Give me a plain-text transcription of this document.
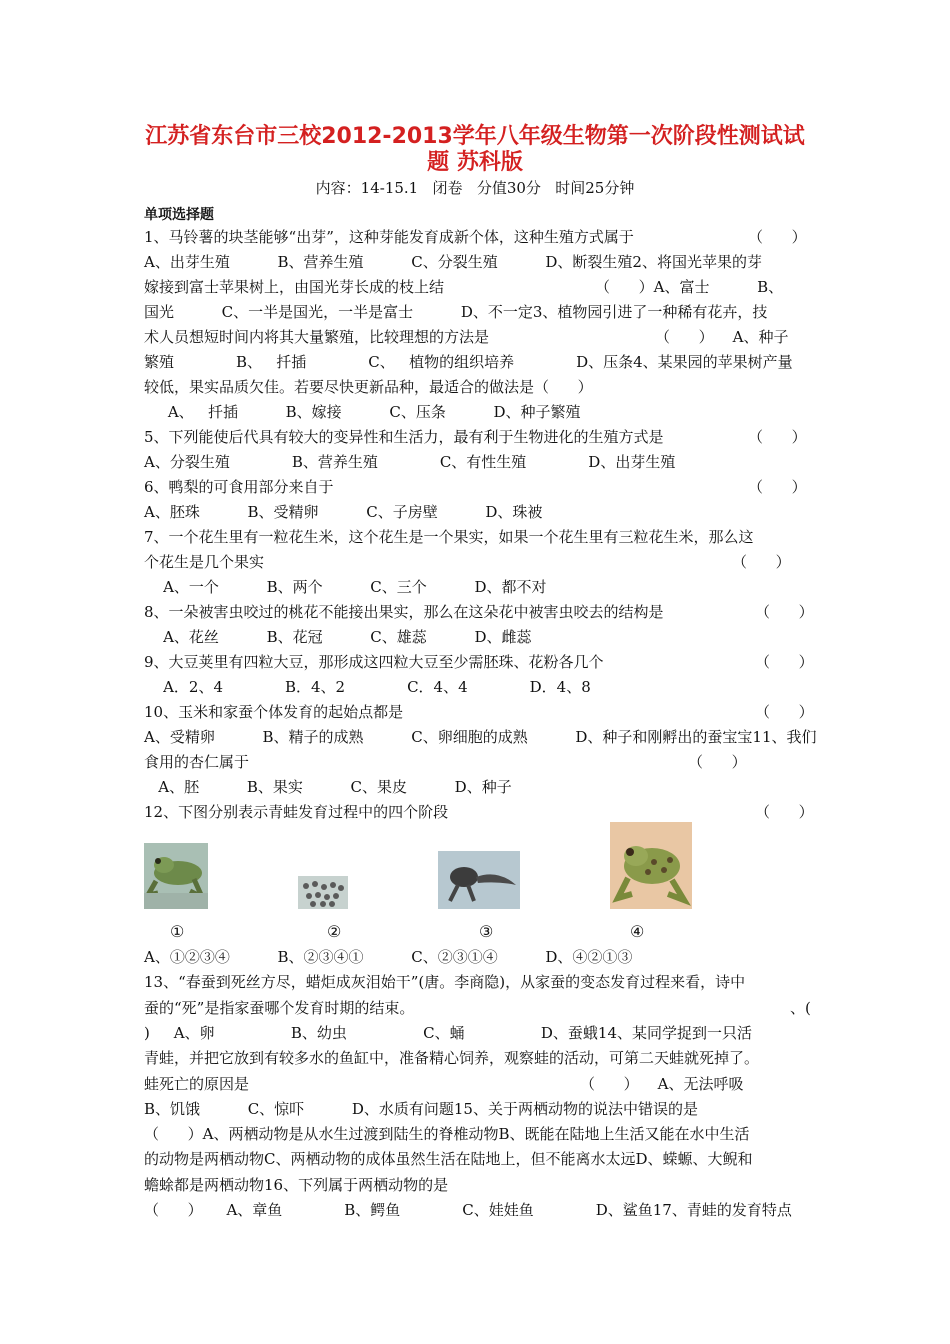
江苏省东台市三校2012-2013学年八年级生物第一次阶段性测试试
题 苏科版
内容：14-15.1   闭卷   分值30分   时间25分钟
单项选择题
1、马铃薯的块茎能够“出芽”，这种芽能发育成新个体，这种生殖方式属于	（      ）
A、出芽生殖          B、营养生殖          C、分裂生殖          D、断裂生殖2、将国光苹果的芽
嫁接到富士苹果树上，由国光芽长成的枝上结	（      ）A、富士          B、
国光          C、一半是国光，一半是富士          D、不一定3、植物园引进了一种稀有花卉，技
术人员想短时间内将其大量繁殖，比较理想的方法是	（      ）    A、种子
繁殖             B、   扦插             C、   植物的组织培养             D、压条4、某果园的苹果树产量
较低，果实品质欠佳。若要尽快更新品种，最适合的做法是（      ）
A、   扦插          B、嫁接          C、压条          D、种子繁殖
5、下列能使后代具有较大的变异性和生活力，最有利于生物进化的生殖方式是	（      ）
A、分裂生殖             B、营养生殖             C、有性生殖             D、出芽生殖
6、鸭梨的可食用部分来自于	（      ）
A、胚珠          B、受精卵          C、子房壁          D、珠被
7、一个花生里有一粒花生米，这个花生是一个果实，如果一个花生里有三粒花生米，那么这
个花生是几个果实	（      ）
A、一个          B、两个          C、三个          D、都不对
8、一朵被害虫咬过的桃花不能接出果实，那么在这朵花中被害虫咬去的结构是	（      ）
A、花丝          B、花冠          C、雄蕊          D、雌蕊
9、大豆荚里有四粒大豆，那形成这四粒大豆至少需胚珠、花粉各几个	（      ）
A．2、4             B．4、2             C．4、4             D．4、8
10、玉米和家蚕个体发育的起始点都是	（      ）
A、受精卵          B、精子的成熟          C、卵细胞的成熟          D、种子和刚孵出的蚕宝宝11、我们
食用的杏仁属于	（      ）
A、胚          B、果实          C、果皮          D、种子
12、下图分别表示青蛙发育过程中的四个阶段	（      ）
①	②	③	④
A、①②③④          B、②③④①          C、②③①④          D、④②①③
13、“春蚕到死丝方尽，蜡炬成灰泪始干”(唐。李商隐)，从家蚕的变态发育过程来看，诗中
蚕的“死”是指家蚕哪个发育时期的结束。	、(
)     A、卵                B、幼虫                C、蛹                D、蚕蛾14、某同学捉到一只活
青蛙，并把它放到有较多水的鱼缸中，准备精心饲养，观察蛙的活动，可第二天蛙就死掉了。
蛙死亡的原因是	（      ）    A、无法呼吸
B、饥饿          C、惊吓          D、水质有问题15、关于两栖动物的说法中错误的是
（      ）A、两栖动物是从水生过渡到陆生的脊椎动物B、既能在陆地上生活又能在水中生活
的动物是两栖动物C、两栖动物的成体虽然生活在陆地上，但不能离水太远D、蝾螈、大鲵和
蟾蜍都是两栖动物16、下列属于两栖动物的是
（      ）     A、章鱼             B、鳄鱼             C、娃娃鱼             D、鲨鱼17、青蛙的发育特点
